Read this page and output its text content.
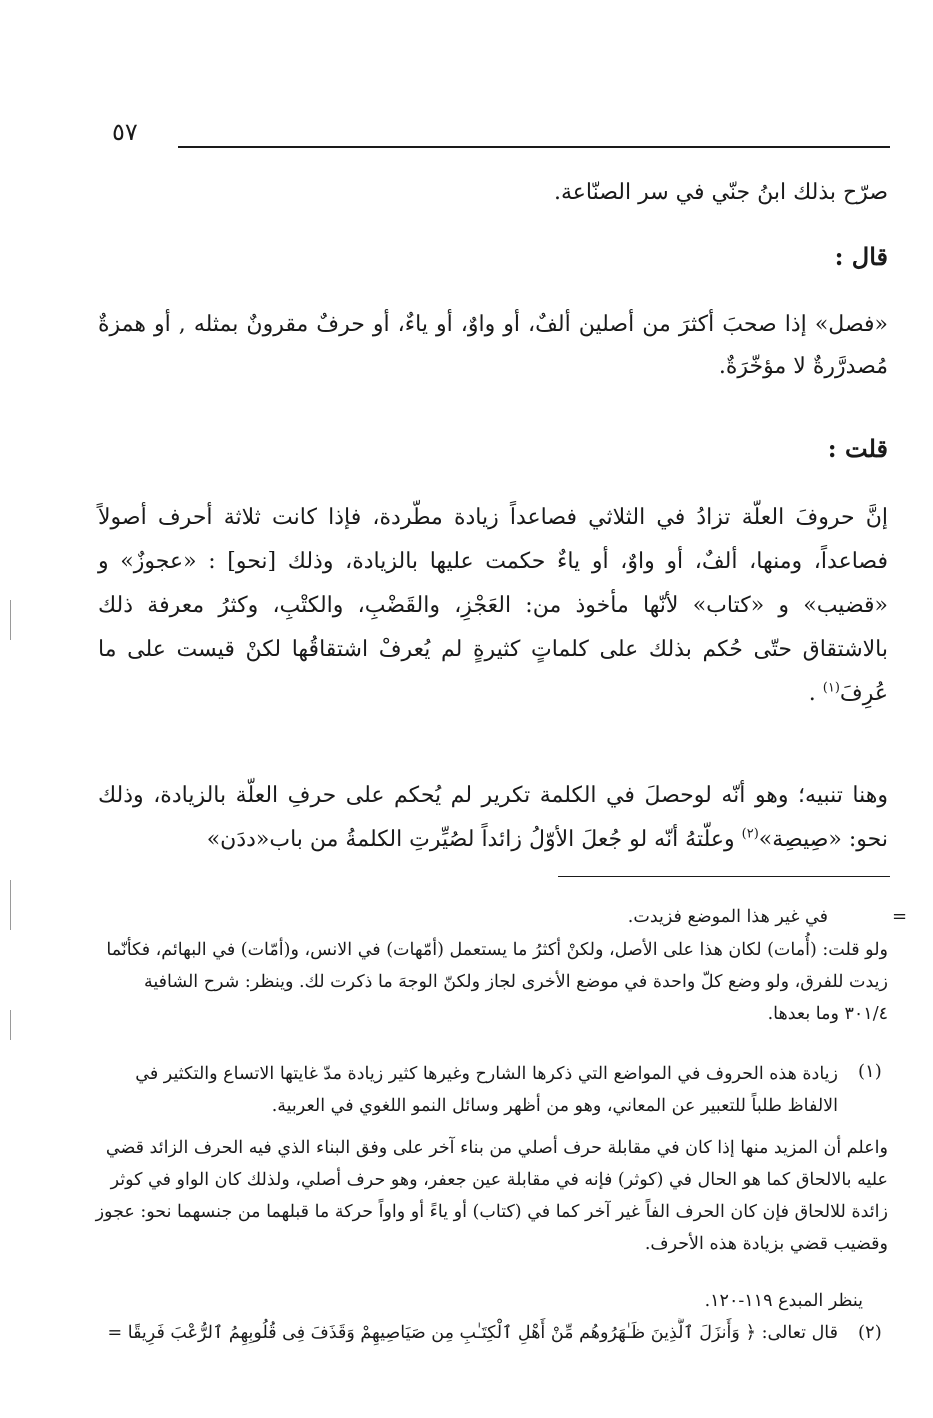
٥٧
صرّح بذلك ابنُ جنّي في سر الصنّاعة.
قال :
«فصل» إذا صحبَ أكثرَ من أصلين ألفٌ، أو واوٌ، أو ياءٌ، أو حرفٌ مقرونٌ بمثله , أو همزةٌ مُصدرَّرةٌ لا مؤخّرَةٌ.
قلت :
إنَّ حروفَ العلّة تزادُ في الثلاثي فصاعداً زيادة مطّردة، فإذا كانت ثلاثة أحرف أصولاً فصاعداً، ومنها، ألفٌ، أو واوٌ، أو ياءٌ حكمت عليها بالزيادة، وذلك [نحو] : «عجوزٌ» و «قضيب» و «كتاب» لأنّها مأخوذ من: العَجْزِ، والقَضْبِ، والكتْبِ، وكثرُ معرفة ذلك بالاشتقاق حتّى حُكم بذلك على كلماتٍ كثيرةٍ لم يُعرفْ اشتقاقُها لكنْ قيست على ما عُرِفَ$^{(١)}$ .
وهنا تنبيه؛ وهو أنّه لوحصلَ في الكلمة تكرير لم يُحكم على حرفِ العلّة بالزيادة، وذلك نحو: «صِيصِة»$^{(٢)}$ وعلّتهُ أنّه لو جُعلَ الأوّلُ زائداً لصُيِّرتِ الكلمةُ من باب«ددَن»
=
في غير هذا الموضع فزيدت.
ولو قلت: (أُمات) لكان هذا على الأصل، ولكنْ أكثرُ ما يستعمل (أمّهات) في الانس، و(أمّات) في البهائم، فكأنّما زيدت للفرق، ولو وضع كلّ واحدة في موضع الأخرى لجاز ولكنّ الوجهَ ما ذكرت لك. وينظر: شرح الشافية ٣٠١/٤ وما بعدها.
(١)
زيادة هذه الحروف في المواضع التي ذكرها الشارح وغيرها كثير زيادة مدّ غايتها الاتساع والتكثير في الالفاظ طلباً للتعبير عن المعاني، وهو من أظهر وسائل النمو اللغوي في العربية.
واعلم أن المزيد منها إذا كان في مقابلة حرف أصلي من بناء آخر على وفق البناء الذي فيه الحرف الزائد قضي عليه بالالحاق كما هو الحال في (كوثر) فإنه في مقابلة عين جعفر، وهو حرف أصلي، ولذلك كان الواو في كوثر زائدة للالحاق فإن كان الحرف الفاً غير آخر كما في (كتاب) أو ياءً أو واواً حركة ما قبلهما من جنسهما نحو: عجوز وقضيب قضي بزيادة هذه الأحرف.
ينظر المبدع ١١٩-١٢٠.
(٢)
قال تعالى: ﴿ وَأَنزَلَ ٱلَّذِينَ ظَـٰهَرُوهُم مِّنْ أَهْلِ ٱلْكِتَـٰبِ مِن صَيَاصِيهِمْ وَقَذَفَ فِى قُلُوبِهِمُ ٱلرُّعْبَ فَرِيقًا =
